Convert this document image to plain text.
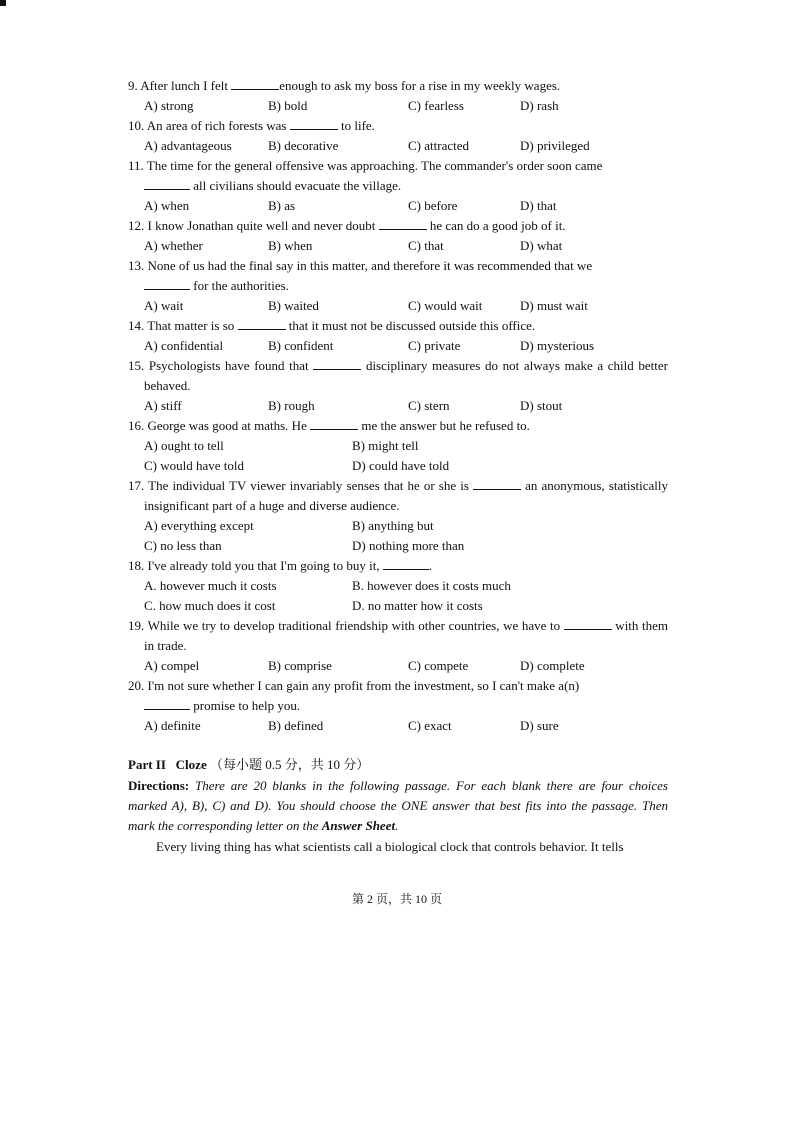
9. After lunch I felt	enough to ask my boss for a rise in my weekly wages.
A) strong	B) bold	C) fearless	D) rash
10. An area of rich forests was	to life.
A) advantageous	B) decorative	C) attracted	D) privileged
11. The time for the general offensive was approaching. The commander's order soon came
all civilians should evacuate the village.
A) when	B) as	C) before	D) that
12. I know Jonathan quite well and never doubt	he can do a good job of it.
A) whether	B) when	C) that	D) what
13. None of us had the final say in this matter, and therefore it was recommended that we
for the authorities.
A) wait	B) waited	C) would wait	D) must wait
14. That matter is so	that it must not be discussed outside this office.
A) confidential	B) confident	C) private	D) mysterious
15. Psychologists have found that	disciplinary measures do not always make a child better behaved.
A) stiff	B) rough	C) stern	D) stout
16. George was good at maths. He	me the answer but he refused to.
A) ought to tell	B) might tell
C) would have told	D) could have told
17. The individual TV viewer invariably senses that he or she is	an anonymous, statistically insignificant part of a huge and diverse audience.
A) everything except	B) anything but
C) no less than	D) nothing more than
18. I've already told you that I'm going to buy it,	.
A. however much it costs	B. however does it costs much
C. how much does it cost	D. no matter how it costs
19. While we try to develop traditional friendship with other countries, we have to	with them in trade.
A) compel	B) comprise	C) compete	D) complete
20. I'm not sure whether I can gain any profit from the investment, so I can't make a(n)
promise to help you.
A) definite	B) defined	C) exact	D) sure
Part II Cloze （每小题 0.5 分，共 10 分）
Directions: There are 20 blanks in the following passage. For each blank there are four choices marked A), B), C) and D). You should choose the ONE answer that best fits into the passage. Then mark the corresponding letter on the Answer Sheet.
Every living thing has what scientists call a biological clock that controls behavior. It tells
第 2 页，共 10 页
